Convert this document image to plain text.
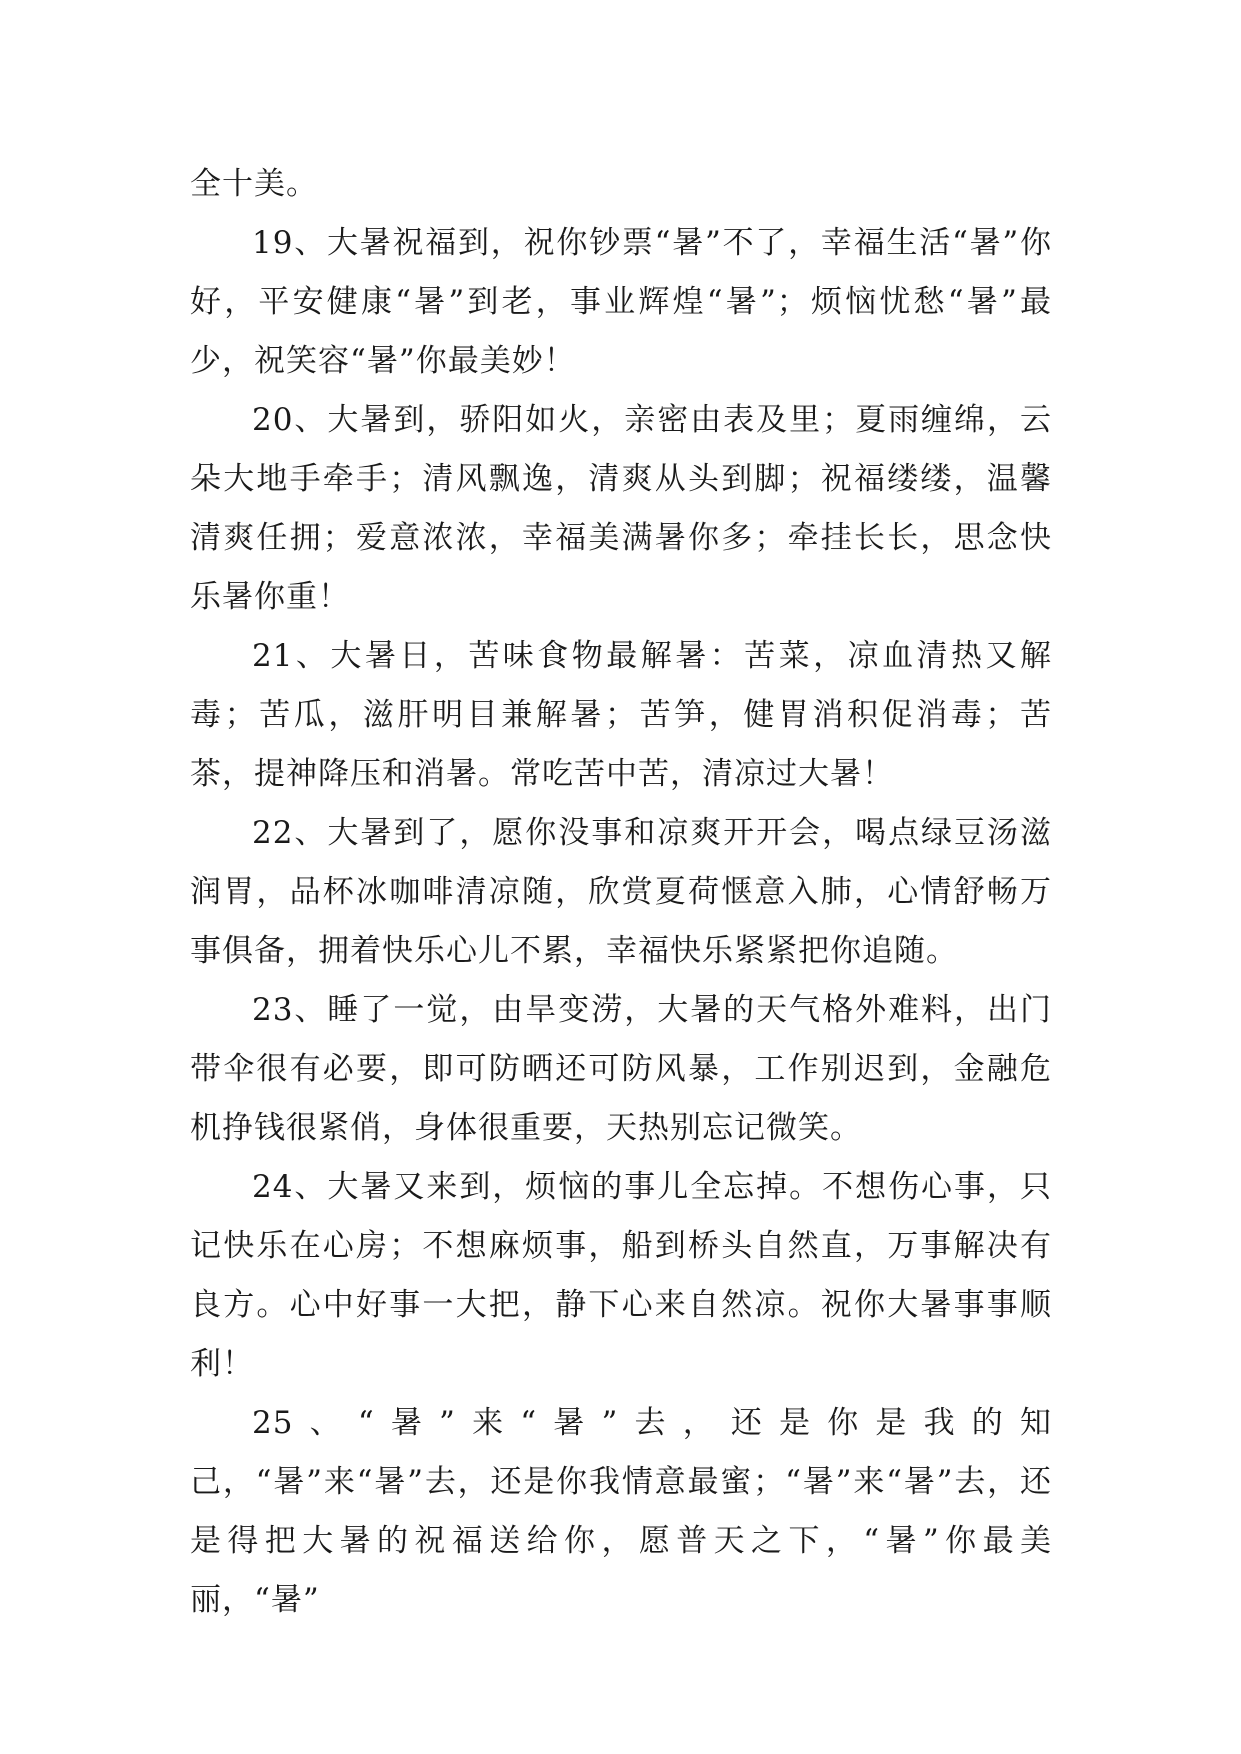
全十美。

19、大暑祝福到，祝你钞票“暑”不了，幸福生活“暑”你好，平安健康“暑”到老，事业辉煌“暑”；烦恼忧愁“暑”最少，祝笑容“暑”你最美妙！

20、大暑到，骄阳如火，亲密由表及里；夏雨缠绵，云朵大地手牵手；清风飘逸，清爽从头到脚；祝福缕缕，温馨清爽任拥；爱意浓浓，幸福美满暑你多；牵挂长长，思念快乐暑你重！

21、大暑日，苦味食物最解暑：苦菜，凉血清热又解毒；苦瓜，滋肝明目兼解暑；苦笋，健胃消积促消毒；苦茶，提神降压和消暑。常吃苦中苦，清凉过大暑！

22、大暑到了，愿你没事和凉爽开开会，喝点绿豆汤滋润胃，品杯冰咖啡清凉随，欣赏夏荷惬意入肺，心情舒畅万事俱备，拥着快乐心儿不累，幸福快乐紧紧把你追随。

23、睡了一觉，由旱变涝，大暑的天气格外难料，出门带伞很有必要，即可防晒还可防风暴，工作别迟到，金融危机挣钱很紧俏，身体很重要，天热别忘记微笑。

24、大暑又来到，烦恼的事儿全忘掉。不想伤心事，只记快乐在心房；不想麻烦事，船到桥头自然直，万事解决有良方。心中好事一大把，静下心来自然凉。祝你大暑事事顺利！

25、“暑”来“暑”去，还是你是我的知己，“暑”来“暑”去，还是你我情意最蜜；“暑”来“暑”去，还是得把大暑的祝福送给你，愿普天之下，“暑”你最美丽，“暑”
